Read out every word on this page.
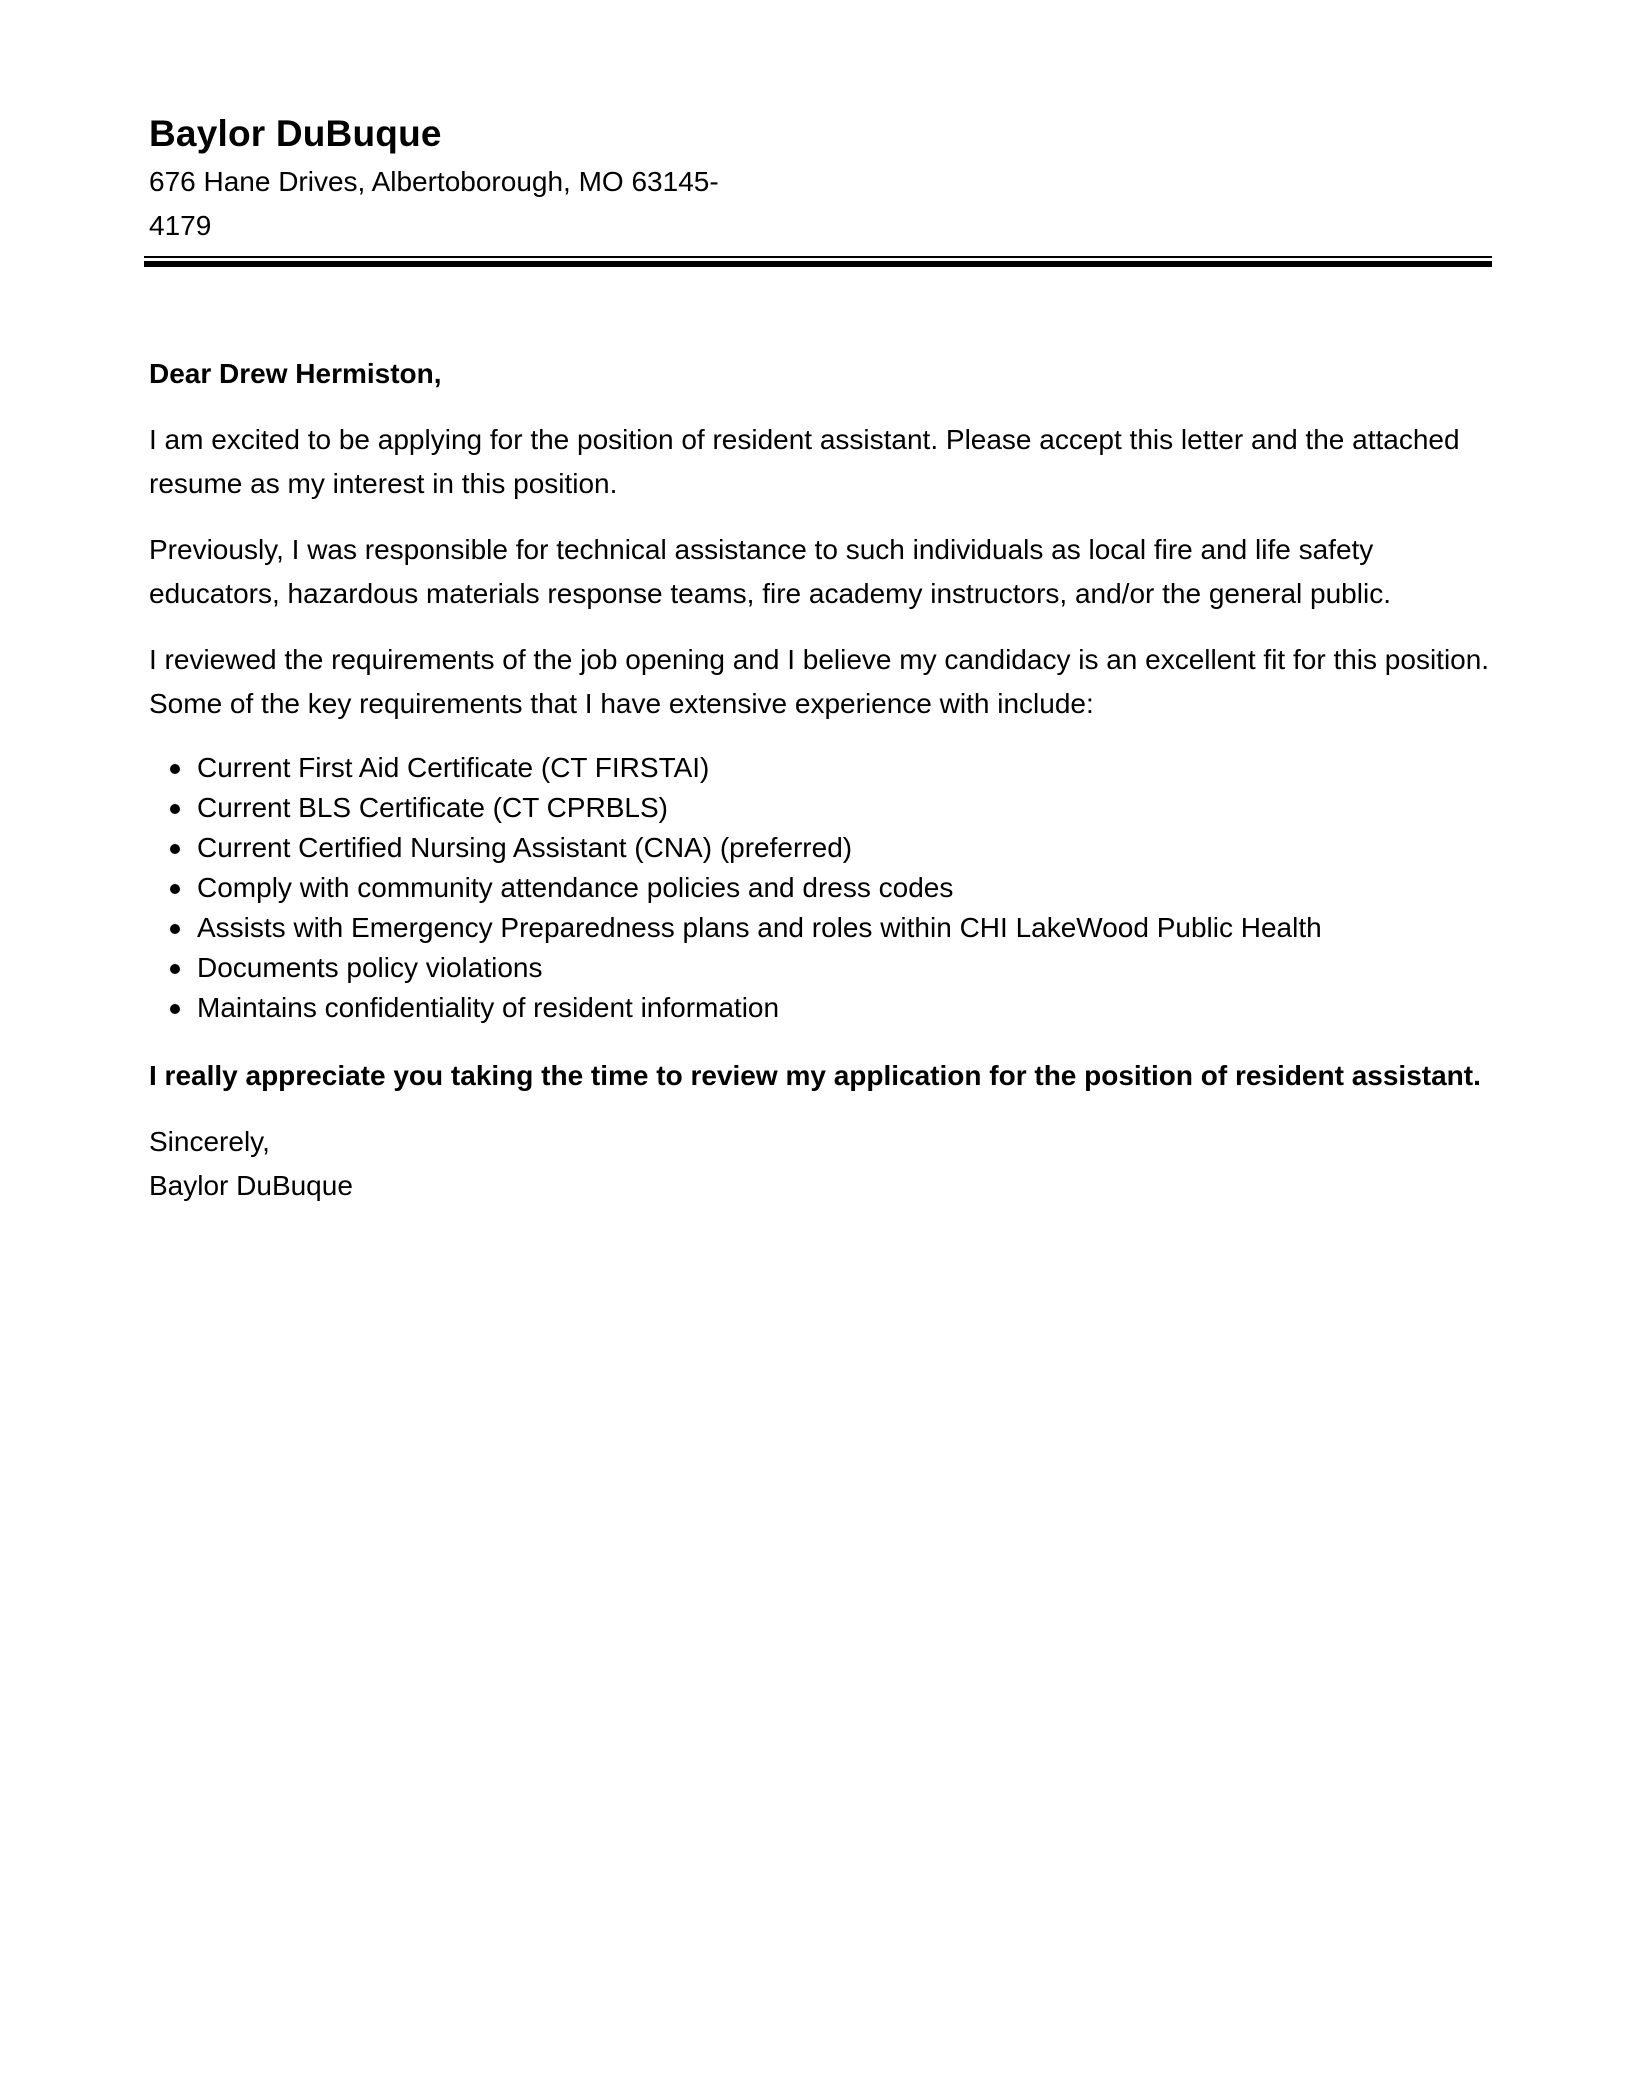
Baylor DuBuque

676 Hane Drives, Albertoborough, MO 63145-4179

Dear Drew Hermiston,

I am excited to be applying for the position of resident assistant. Please accept this letter and the attached resume as my interest in this position.

Previously, I was responsible for technical assistance to such individuals as local fire and life safety educators, hazardous materials response teams, fire academy instructors, and/or the general public.

I reviewed the requirements of the job opening and I believe my candidacy is an excellent fit for this position. Some of the key requirements that I have extensive experience with include:

Current First Aid Certificate (CT FIRSTAI)
Current BLS Certificate (CT CPRBLS)
Current Certified Nursing Assistant (CNA) (preferred)
Comply with community attendance policies and dress codes
Assists with Emergency Preparedness plans and roles within CHI LakeWood Public Health
Documents policy violations
Maintains confidentiality of resident information

I really appreciate you taking the time to review my application for the position of resident assistant.

Sincerely,

Baylor DuBuque
